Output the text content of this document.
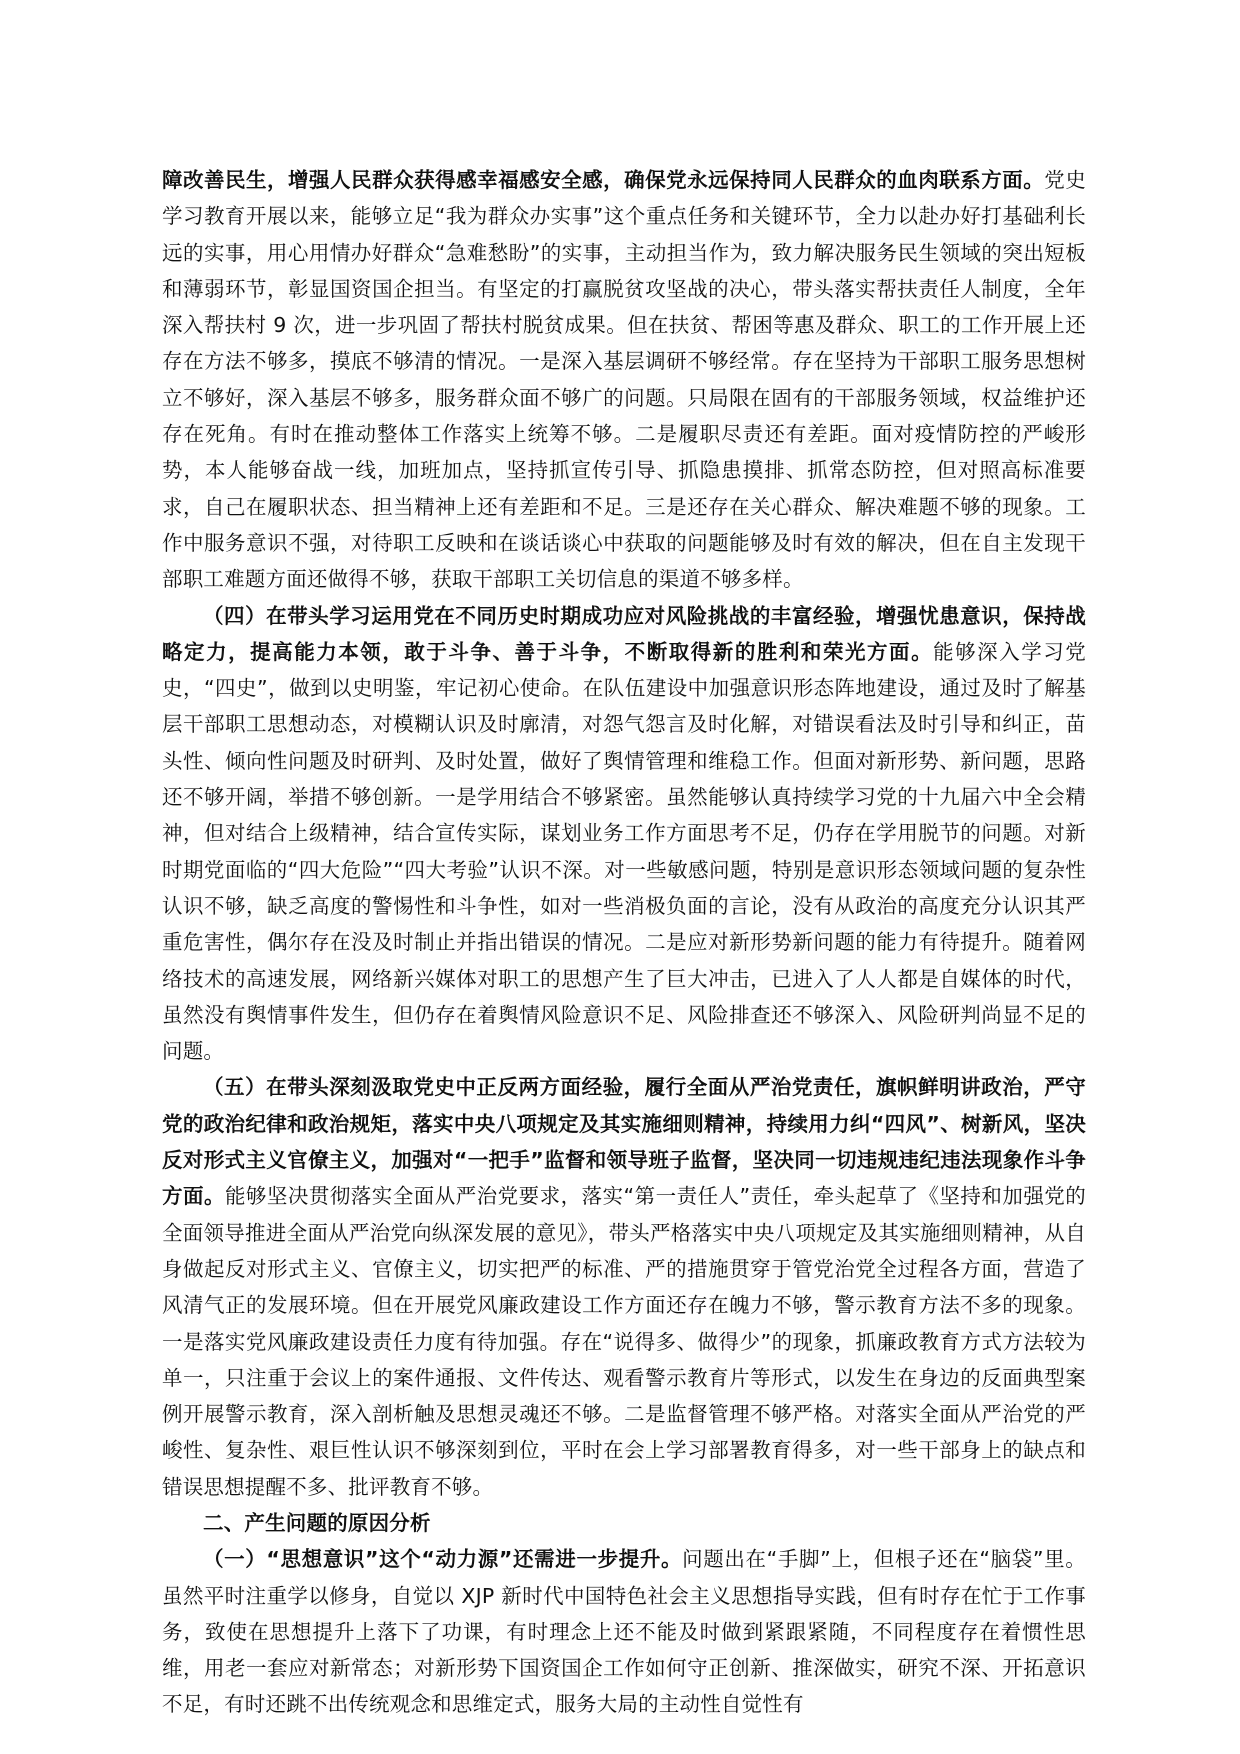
障改善民生，增强人民群众获得感幸福感安全感，确保党永远保持同人民群众的血肉联系方面。党史学习教育开展以来，能够立足“我为群众办实事”这个重点任务和关键环节，全力以赴办好打基础利长远的实事，用心用情办好群众“急难愁盼”的实事，主动担当作为，致力解决服务民生领域的突出短板和薄弱环节，彰显国资国企担当。有坚定的打赢脱贫攻坚战的决心，带头落实帮扶责任人制度，全年深入帮扶村 9 次，进一步巩固了帮扶村脱贫成果。但在扶贫、帮困等惠及群众、职工的工作开展上还存在方法不够多，摸底不够清的情况。一是深入基层调研不够经常。存在坚持为干部职工服务思想树立不够好，深入基层不够多，服务群众面不够广的问题。只局限在固有的干部服务领域，权益维护还存在死角。有时在推动整体工作落实上统筹不够。二是履职尽责还有差距。面对疫情防控的严峻形势，本人能够奋战一线，加班加点，坚持抓宣传引导、抓隐患摸排、抓常态防控，但对照高标准要求，自己在履职状态、担当精神上还有差距和不足。三是还存在关心群众、解决难题不够的现象。工作中服务意识不强，对待职工反映和在谈话谈心中获取的问题能够及时有效的解决，但在自主发现干部职工难题方面还做得不够，获取干部职工关切信息的渠道不够多样。

（四）在带头学习运用党在不同历史时期成功应对风险挑战的丰富经验，增强忧患意识，保持战略定力，提高能力本领，敢于斗争、善于斗争，不断取得新的胜利和荣光方面。能够深入学习党史，“四史”，做到以史明鉴，牢记初心使命。在队伍建设中加强意识形态阵地建设，通过及时了解基层干部职工思想动态，对模糊认识及时廓清，对怨气怨言及时化解，对错误看法及时引导和纠正，苗头性、倾向性问题及时研判、及时处置，做好了舆情管理和维稳工作。但面对新形势、新问题，思路还不够开阔，举措不够创新。一是学用结合不够紧密。虽然能够认真持续学习党的十九届六中全会精神，但对结合上级精神，结合宣传实际，谋划业务工作方面思考不足，仍存在学用脱节的问题。对新时期党面临的“四大危险”“四大考验”认识不深。对一些敏感问题，特别是意识形态领域问题的复杂性认识不够，缺乏高度的警惕性和斗争性，如对一些消极负面的言论，没有从政治的高度充分认识其严重危害性，偶尔存在没及时制止并指出错误的情况。二是应对新形势新问题的能力有待提升。随着网络技术的高速发展，网络新兴媒体对职工的思想产生了巨大冲击，已进入了人人都是自媒体的时代，虽然没有舆情事件发生，但仍存在着舆情风险意识不足、风险排查还不够深入、风险研判尚显不足的问题。

（五）在带头深刻汲取党史中正反两方面经验，履行全面从严治党责任，旗帜鲜明讲政治，严守党的政治纪律和政治规矩，落实中央八项规定及其实施细则精神，持续用力纠“四风”、树新风，坚决反对形式主义官僚主义，加强对“一把手”监督和领导班子监督，坚决同一切违规违纪违法现象作斗争方面。能够坚决贯彻落实全面从严治党要求，落实“第一责任人”责任，牵头起草了《坚持和加强党的全面领导推进全面从严治党向纵深发展的意见》，带头严格落实中央八项规定及其实施细则精神，从自身做起反对形式主义、官僚主义，切实把严的标准、严的措施贯穿于管党治党全过程各方面，营造了风清气正的发展环境。但在开展党风廉政建设工作方面还存在魄力不够，警示教育方法不多的现象。一是落实党风廉政建设责任力度有待加强。存在“说得多、做得少”的现象，抓廉政教育方式方法较为单一，只注重于会议上的案件通报、文件传达、观看警示教育片等形式，以发生在身边的反面典型案例开展警示教育，深入剖析触及思想灵魂还不够。二是监督管理不够严格。对落实全面从严治党的严峻性、复杂性、艰巨性认识不够深刻到位，平时在会上学习部署教育得多，对一些干部身上的缺点和错误思想提醒不多、批评教育不够。

二、产生问题的原因分析

（一）“思想意识”这个“动力源”还需进一步提升。问题出在“手脚”上，但根子还在“脑袋”里。虽然平时注重学以修身，自觉以 XJP 新时代中国特色社会主义思想指导实践，但有时存在忙于工作事务，致使在思想提升上落下了功课，有时理念上还不能及时做到紧跟紧随，不同程度存在着惯性思维，用老一套应对新常态；对新形势下国资国企工作如何守正创新、推深做实，研究不深、开拓意识不足，有时还跳不出传统观念和思维定式，服务大局的主动性自觉性有
